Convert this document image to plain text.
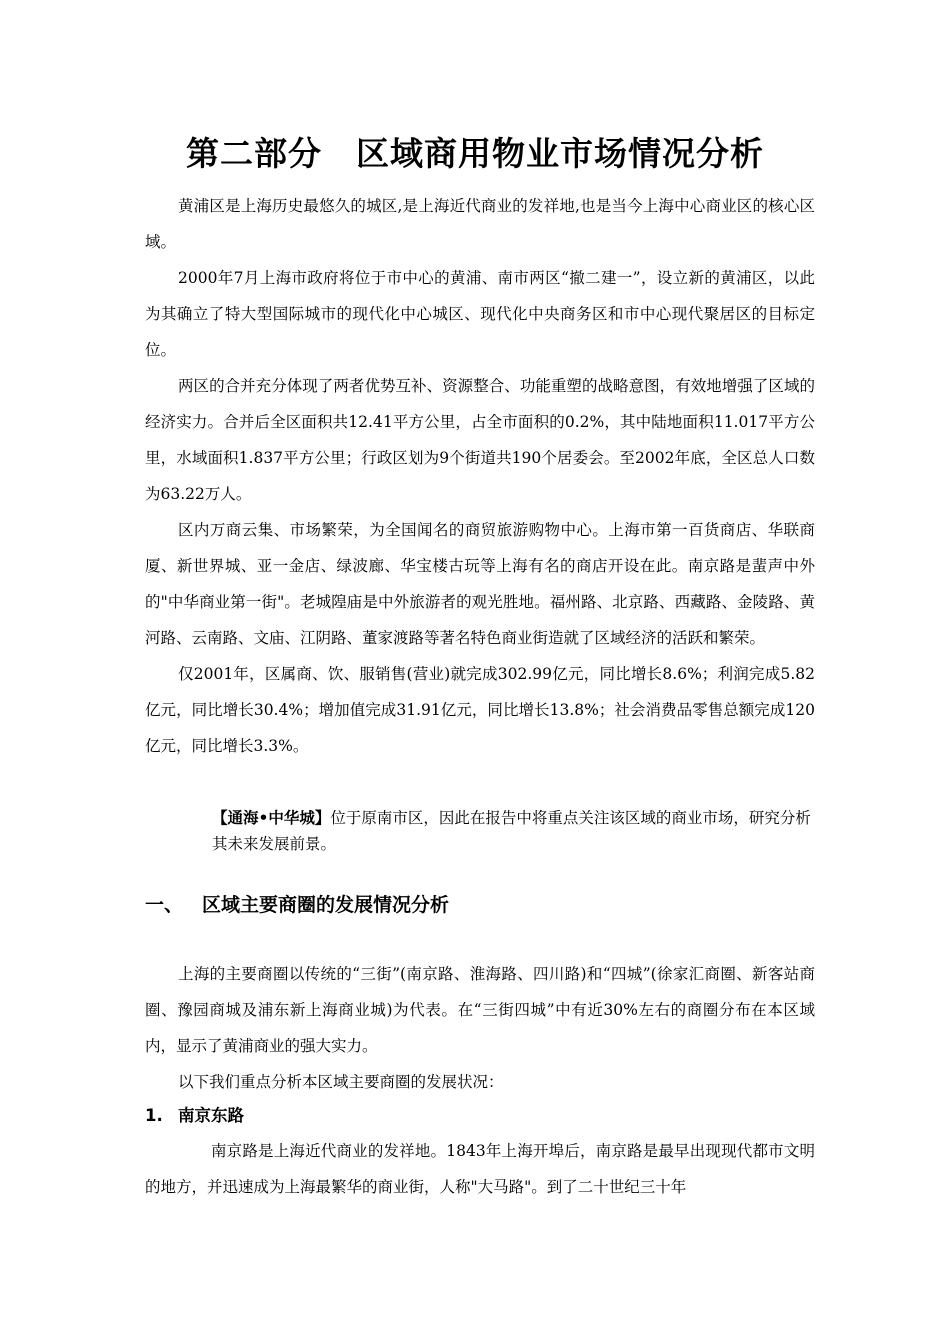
第二部分　区域商用物业市场情况分析

黄浦区是上海历史最悠久的城区,是上海近代商业的发祥地,也是当今上海中心商业区的核心区域。

2000年7月上海市政府将位于市中心的黄浦、南市两区“撤二建一”，设立新的黄浦区，以此为其确立了特大型国际城市的现代化中心城区、现代化中央商务区和市中心现代聚居区的目标定位。

两区的合并充分体现了两者优势互补、资源整合、功能重塑的战略意图，有效地增强了区域的经济实力。合并后全区面积共12.41平方公里，占全市面积的0.2%，其中陆地面积11.017平方公里，水域面积1.837平方公里；行政区划为9个街道共190个居委会。至2002年底，全区总人口数为63.22万人。

区内万商云集、市场繁荣，为全国闻名的商贸旅游购物中心。上海市第一百货商店、华联商厦、新世界城、亚一金店、绿波廊、华宝楼古玩等上海有名的商店开设在此。南京路是蜚声中外的"中华商业第一街"。老城隍庙是中外旅游者的观光胜地。福州路、北京路、西藏路、金陵路、黄河路、云南路、文庙、江阴路、董家渡路等著名特色商业街造就了区域经济的活跃和繁荣。

仅2001年，区属商、饮、服销售(营业)就完成302.99亿元，同比增长8.6%；利润完成5.82亿元，同比增长30.4%；增加值完成31.91亿元，同比增长13.8%；社会消费品零售总额完成120亿元，同比增长3.3%。

【通海•中华城】位于原南市区，因此在报告中将重点关注该区域的商业市场，研究分析其未来发展前景。

一、 区域主要商圈的发展情况分析

上海的主要商圈以传统的“三街”(南京路、淮海路、四川路)和“四城”(徐家汇商圈、新客站商圈、豫园商城及浦东新上海商业城)为代表。在“三街四城”中有近30%左右的商圈分布在本区域内，显示了黄浦商业的强大实力。

以下我们重点分析本区域主要商圈的发展状况：

1. 南京东路

南京路是上海近代商业的发祥地。1843年上海开埠后，南京路是最早出现现代都市文明的地方，并迅速成为上海最繁华的商业街，人称"大马路"。到了二十世纪三十年
